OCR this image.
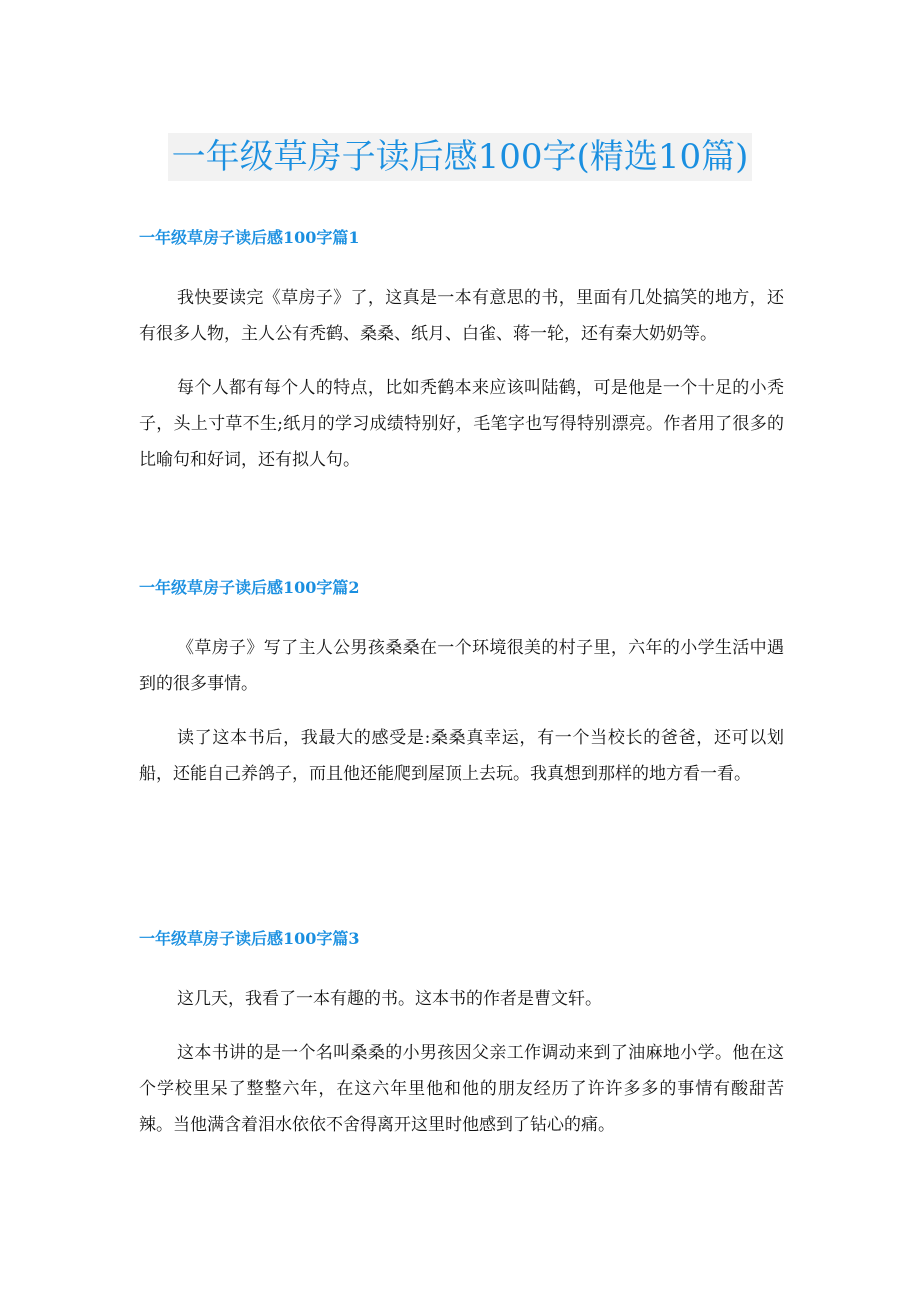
一年级草房子读后感100字(精选10篇)
一年级草房子读后感100字篇1

我快要读完《草房子》了，这真是一本有意思的书，里面有几处搞笑的地方，还有很多人物，主人公有秃鹤、桑桑、纸月、白雀、蒋一轮，还有秦大奶奶等。

每个人都有每个人的特点，比如秃鹤本来应该叫陆鹤，可是他是一个十足的小秃子，头上寸草不生;纸月的学习成绩特别好，毛笔字也写得特别漂亮。作者用了很多的比喻句和好词，还有拟人句。

一年级草房子读后感100字篇2

《草房子》写了主人公男孩桑桑在一个环境很美的村子里，六年的小学生活中遇到的很多事情。

读了这本书后，我最大的感受是:桑桑真幸运，有一个当校长的爸爸，还可以划船，还能自己养鸽子，而且他还能爬到屋顶上去玩。我真想到那样的地方看一看。

一年级草房子读后感100字篇3

这几天，我看了一本有趣的书。这本书的作者是曹文轩。

这本书讲的是一个名叫桑桑的小男孩因父亲工作调动来到了油麻地小学。他在这个学校里呆了整整六年，在这六年里他和他的朋友经历了许许多多的事情有酸甜苦辣。当他满含着泪水依依不舍得离开这里时他感到了钻心的痛。
